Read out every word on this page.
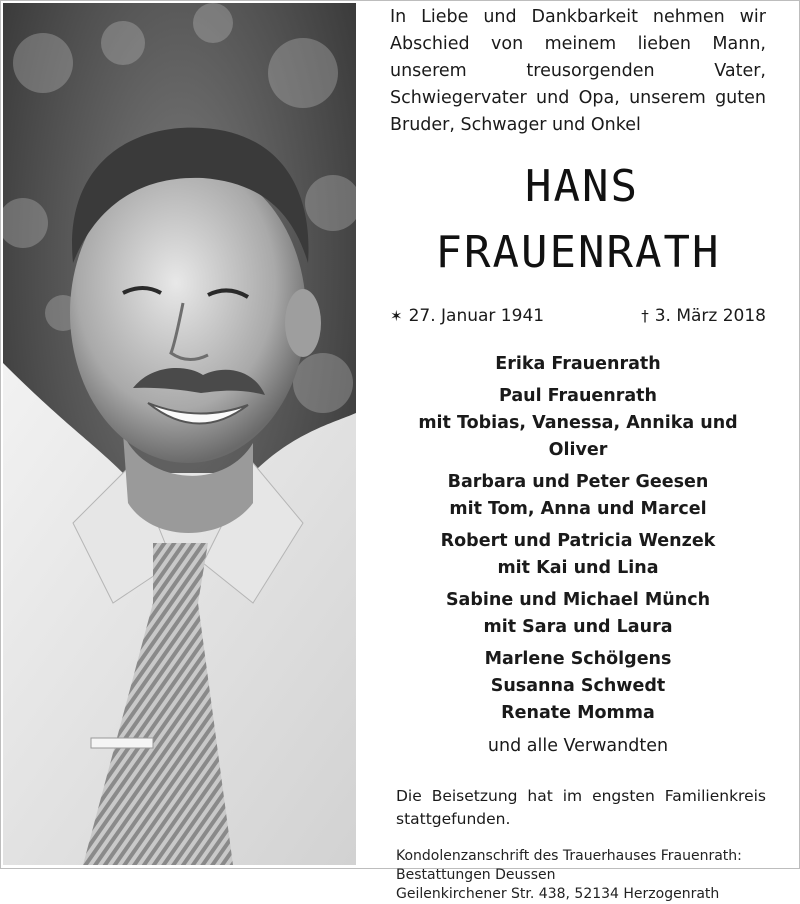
In Liebe und Dankbarkeit nehmen wir Abschied von meinem lieben Mann, unserem treusorgenden Vater, Schwiegervater und Opa, unserem guten Bruder, Schwager und Onkel

HANS
FRAUENRATH
✶ 27. Januar 1941	† 3. März 2018
Erika Frauenrath
Paul Frauenrath
mit Tobias, Vanessa, Annika und Oliver
Barbara und Peter Geesen
mit Tom, Anna und Marcel
Robert und Patricia Wenzek
mit Kai und Lina
Sabine und Michael Münch
mit Sara und Laura
Marlene Schölgens
Susanna Schwedt
Renate Momma
und alle Verwandten

Die Beisetzung hat im engsten Familienkreis stattgefunden.

Kondolenzanschrift des Trauerhauses Frauenrath:
Bestattungen Deussen
Geilenkirchener Str. 438, 52134 Herzogenrath
